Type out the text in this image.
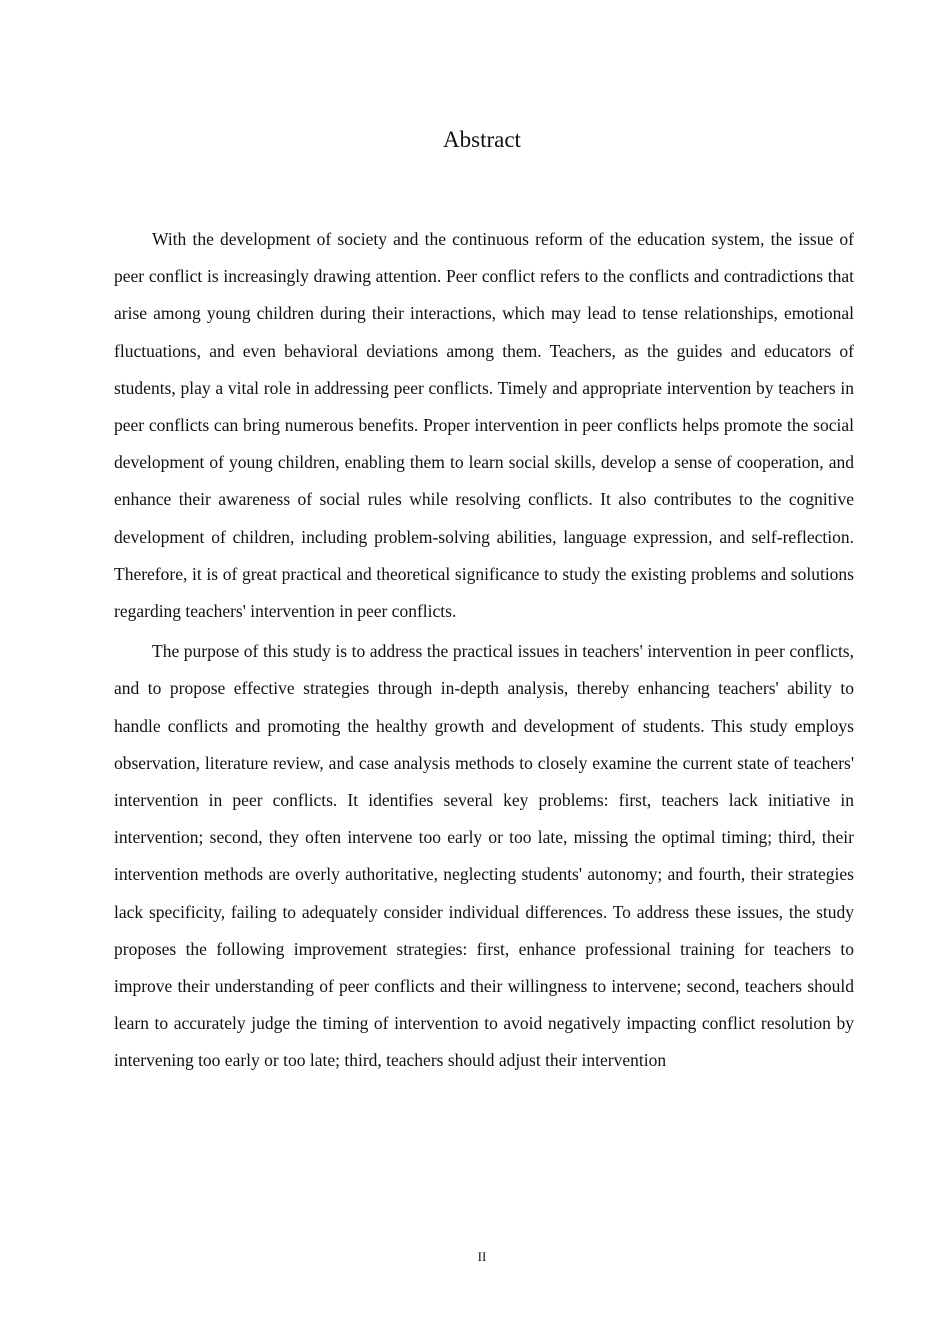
Abstract

With the development of society and the continuous reform of the education system, the issue of peer conflict is increasingly drawing attention. Peer conflict refers to the conflicts and contradictions that arise among young children during their interactions, which may lead to tense relationships, emotional fluctuations, and even behavioral deviations among them. Teachers, as the guides and educators of students, play a vital role in addressing peer conflicts. Timely and appropriate intervention by teachers in peer conflicts can bring numerous benefits. Proper intervention in peer conflicts helps promote the social development of young children, enabling them to learn social skills, develop a sense of cooperation, and enhance their awareness of social rules while resolving conflicts. It also contributes to the cognitive development of children, including problem-solving abilities, language expression, and self-reflection. Therefore, it is of great practical and theoretical significance to study the existing problems and solutions regarding teachers' intervention in peer conflicts.

The purpose of this study is to address the practical issues in teachers' intervention in peer conflicts, and to propose effective strategies through in-depth analysis, thereby enhancing teachers' ability to handle conflicts and promoting the healthy growth and development of students. This study employs observation, literature review, and case analysis methods to closely examine the current state of teachers' intervention in peer conflicts. It identifies several key problems: first, teachers lack initiative in intervention; second, they often intervene too early or too late, missing the optimal timing; third, their intervention methods are overly authoritative, neglecting students' autonomy; and fourth, their strategies lack specificity, failing to adequately consider individual differences. To address these issues, the study proposes the following improvement strategies: first, enhance professional training for teachers to improve their understanding of peer conflicts and their willingness to intervene; second, teachers should learn to accurately judge the timing of intervention to avoid negatively impacting conflict resolution by intervening too early or too late; third, teachers should adjust their intervention

II
